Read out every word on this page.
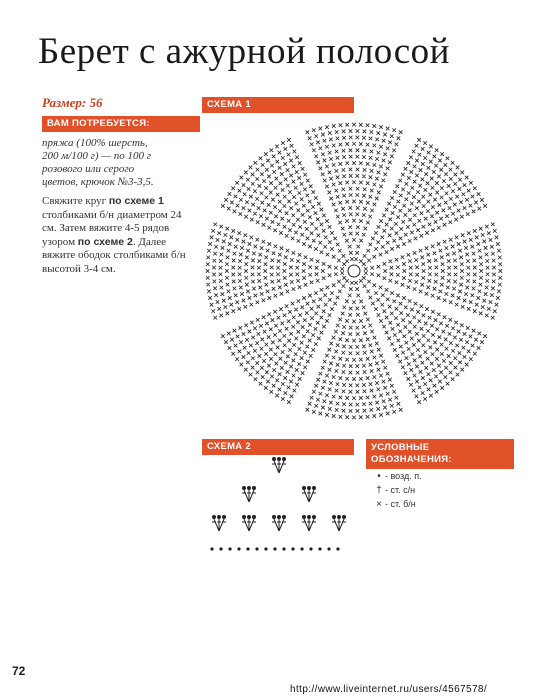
Берет с ажурной полосой
Размер: 56
ВАМ ПОТРЕБУЕТСЯ:

пряжа (100% шерсть,
200 м/100 г) — по 100 г
розового или серого
цветов, крючок №3-3,5.

Свяжите круг по схеме 1 столбиками б/н диаметром 24 см. Затем вяжите 4-5 рядов узором по схеме 2. Далее вяжите ободок столбиками б/н высотой 3-4 см.

СХЕМА 1
СХЕМА 2	УСЛОВНЫЕ
ОБОЗНАЧЕНИЯ:
• - возд. п.
† - ст. с/н
× - ст. б/н
72
http://www.liveinternet.ru/users/4567578/
